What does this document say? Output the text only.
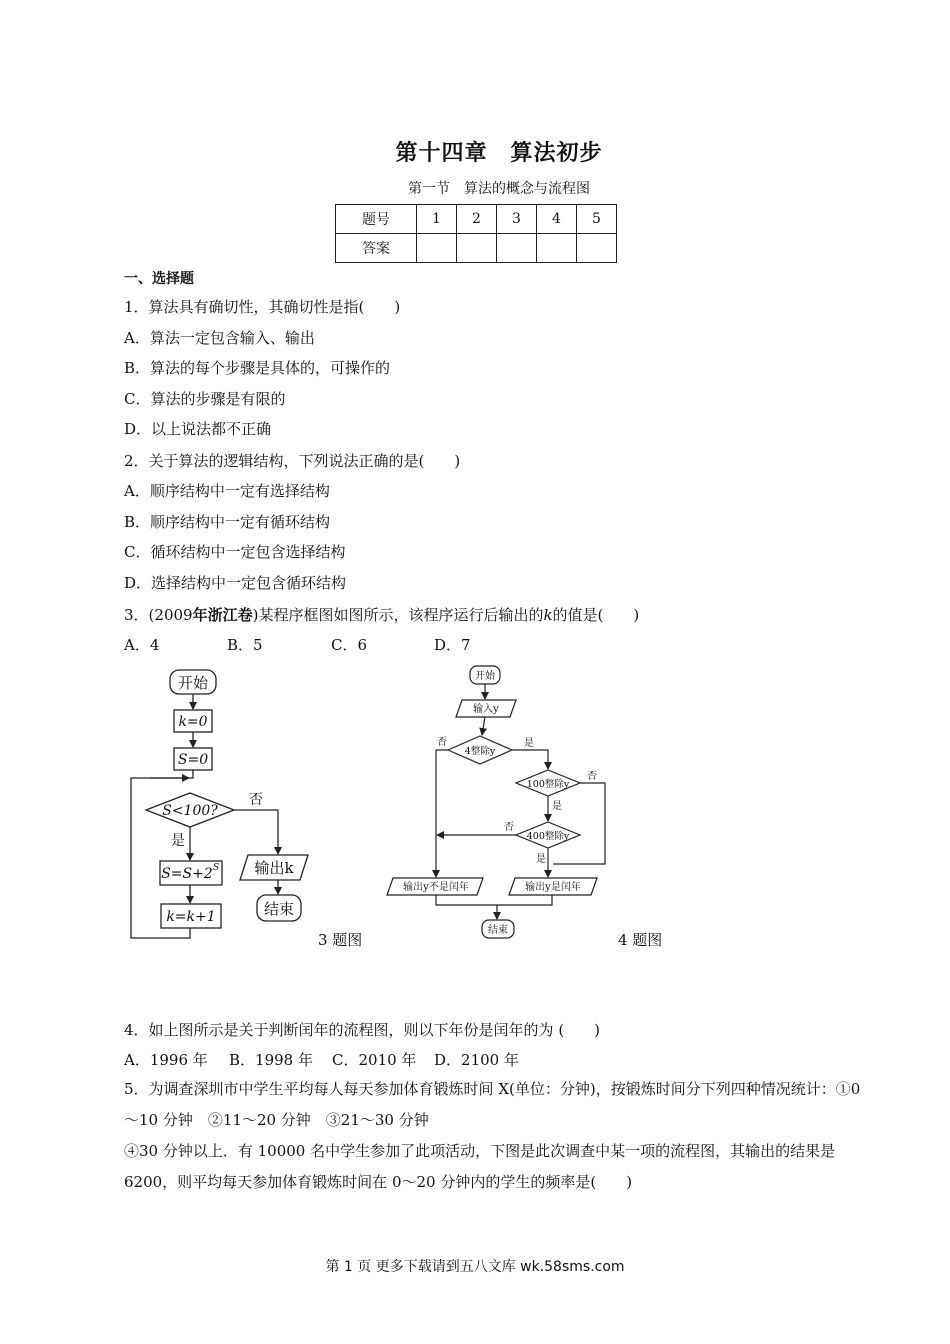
第十四章　算法初步
第一节　算法的概念与流程图
题号	1	2	3	4	5
答案					
一、选择题
1．算法具有确切性，其确切性是指(　　)
A．算法一定包含输入、输出
B．算法的每个步骤是具体的，可操作的
C．算法的步骤是有限的
D．以上说法都不正确
2．关于算法的逻辑结构，下列说法正确的是(　　)
A．顺序结构中一定有选择结构
B．顺序结构中一定有循环结构
C．循环结构中一定包含选择结构
D．选择结构中一定包含循环结构
3．(2009年浙江卷)某程序框图如图所示，该程序运行后输出的k的值是(　　)
A．4	B．5	C．6	D．7
开始
k=0
S=0
S<100?
是
否
S=S+2 S
k=k+1
输出k
结束
3 题图
开始
输入y
4整除y
100整除y
400整除y
否	是
否
是
否
是
输出y不是闰年	输出y是闰年
结束
4 题图
4．如上图所示是关于判断闰年的流程图，则以下年份是闰年的为 (　　)
A．1996 年 B．1998 年 C．2010 年 D．2100 年
5．为调查深圳市中学生平均每人每天参加体育锻炼时间 X(单位：分钟)，按锻炼时间分下列四种情况统计：①0～10 分钟　②11～20 分钟　③21～30 分钟
④30 分钟以上．有 10000 名中学生参加了此项活动，下图是此次调查中某一项的流程图，其输出的结果是 6200，则平均每天参加体育锻炼时间在 0～20 分钟内的学生的频率是(　　)
第 1 页 更多下载请到五八文库 wk.58sms.com
